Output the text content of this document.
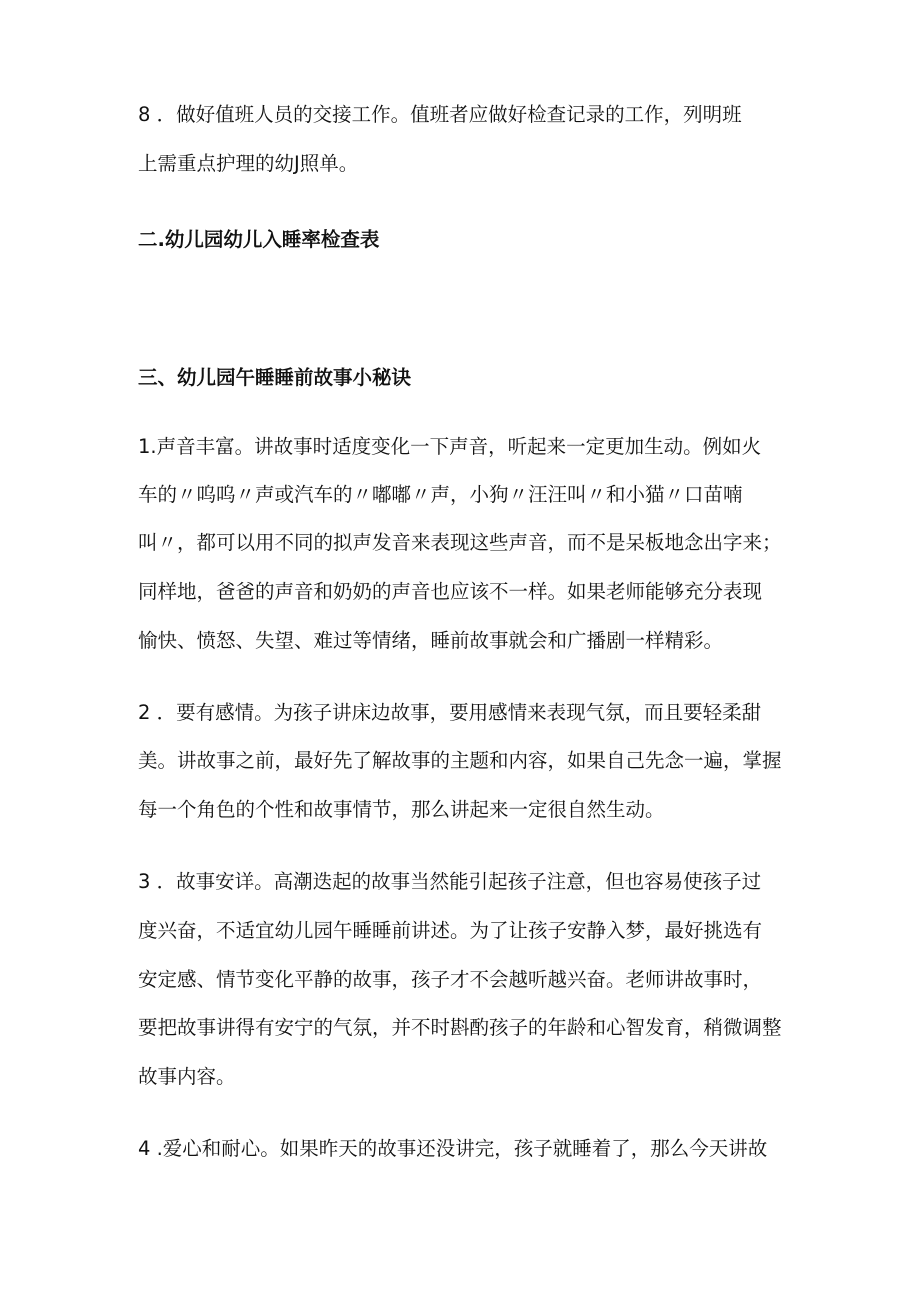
8 ．做好值班人员的交接工作。值班者应做好检查记录的工作，列明班
上需重点护理的幼J照单。
二.幼儿园幼儿入睡率检查表
三、幼儿园午睡睡前故事小秘诀
1.声音丰富。讲故事时适度变化一下声音，听起来一定更加生动。例如火
车的〃呜呜〃声或汽车的〃嘟嘟〃声，小狗〃汪汪叫〃和小猫〃口苗喃
叫〃，都可以用不同的拟声发音来表现这些声音，而不是呆板地念出字来；
同样地，爸爸的声音和奶奶的声音也应该不一样。如果老师能够充分表现
愉快、愤怒、失望、难过等情绪，睡前故事就会和广播剧一样精彩。
2 ．要有感情。为孩子讲床边故事，要用感情来表现气氛，而且要轻柔甜
美。讲故事之前，最好先了解故事的主题和内容，如果自己先念一遍，掌握
每一个角色的个性和故事情节，那么讲起来一定很自然生动。
3 ．故事安详。高潮迭起的故事当然能引起孩子注意，但也容易使孩子过
度兴奋，不适宜幼儿园午睡睡前讲述。为了让孩子安静入梦，最好挑选有
安定感、情节变化平静的故事，孩子才不会越听越兴奋。老师讲故事时，
要把故事讲得有安宁的气氛，并不时斟酌孩子的年龄和心智发育，稍微调整
故事内容。
4 .爱心和耐心。如果昨天的故事还没讲完，孩子就睡着了，那么今天讲故
